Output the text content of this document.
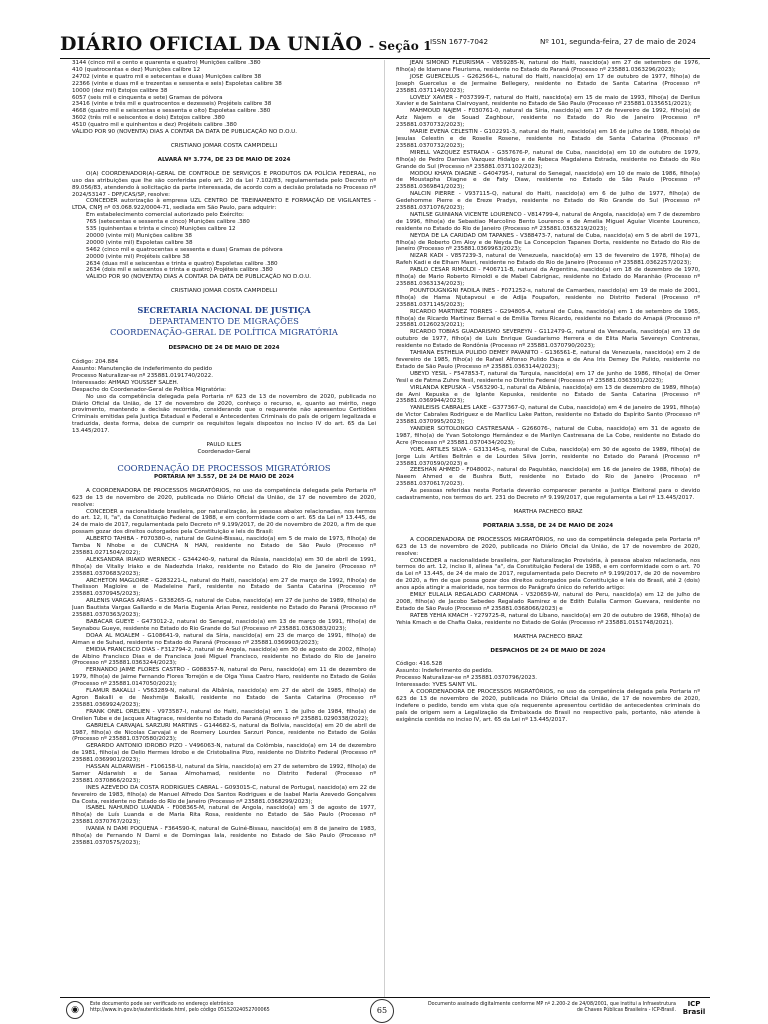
DIÁRIO OFICIAL DA UNIÃO - Seção 1
ISSN 1677-7042	Nº 101, segunda-feira, 27 de maio de 2024

3144 (cinco mil e cento e quarenta e quatro) Munições calibre .380

410 (quatrocentas e dez) Munições calibre 12

24702 (vinte e quatro mil e setecentas e duas) Munições calibre 38

22366 (vinte e duas mil e trezentas e sessenta e seis) Espoletas calibre 38

10000 (dez mil) Estojos calibre 38

6057 (seis mil e cinquenta e sete) Gramas de pólvora

23416 (vinte e três mil e quatrocentos e dezesseis) Projéteis calibre 38

4668 (quatro mil e seiscentas e sessenta e oito) Espoletas calibre .380

3602 (três mil e seiscentos e dois) Estojos calibre .380

4510 (quatro mil e quinhentos e dez) Projéteis calibre .380

VÁLIDO POR 90 (NOVENTA) DIAS A CONTAR DA DATA DE PUBLICAÇÃO NO D.O.U.

CRISTIANO JOMAR COSTA CAMPIDELLI

ALVARÁ Nº 3.774, DE 23 DE MAIO DE 2024

O(A) COORDENADOR(A)-GERAL DE CONTROLE DE SERVIÇOS E PRODUTOS DA POLÍCIA FEDERAL, no uso das atribuições que lhe são conferidas pelo art. 20 da Lei 7.102/83, regulamentada pelo Decreto nº 89.056/83, atendendo à solicitação da parte interessada, de acordo com a decisão prolatada no Processo nº 2024/53147 - DPF/CAS/SP, resolve:

CONCEDER autorização à empresa UZL CENTRO DE TREINAMENTO E FORMAÇÃO DE VIGILANTES - LTDA, CNPJ nº 03.068.922/0004-71, sediada em São Paulo, para adquirir:

Em estabelecimento comercial autorizado pelo Exército:

765 (setecentas e sessenta e cinco) Munições calibre .380

535 (quinhentas e trinta e cinco) Munições calibre 12

20000 (vinte mil) Munições calibre 38

20000 (vinte mil) Espoletas calibre 38

5462 (cinco mil e quatrocentas e sessenta e duas) Gramas de pólvora

20000 (vinte mil) Projéteis calibre 38

2634 (duas mil e seiscentas e trinta e quatro) Espoletas calibre .380

2634 (dois mil e seiscentos e trinta e quatro) Projéteis calibre .380

VÁLIDO POR 90 (NOVENTA) DIAS A CONTAR DA DATA DE PUBLICAÇÃO NO D.O.U.

CRISTIANO JOMAR COSTA CAMPIDELLI

SECRETARIA NACIONAL DE JUSTIÇA

DEPARTAMENTO DE MIGRAÇÕES

COORDENAÇÃO-GERAL DE POLÍTICA MIGRATÓRIA

DESPACHO DE 24 DE MAIO DE 2024

Código: 204.884

Assunto: Manutenção de indeferimento do pedido

Processo Naturalizar-se nº 235881.0191740/2022.

Interessado: AHMAD YOUSSEF SALEH.

Despacho do Coordenador-Geral de Política Migratória:

No uso da competência delegada pela Portaria nº 623 de 13 de novembro de 2020, publicada no Diário Oficial da União, de 17 de novembro de 2020, conheço o recurso, e, quanto ao mérito, nego provimento, mantendo a decisão recorrida, considerando que o requerente não apresentou Certidões Criminais emitidas pela Justiça Estadual e Federal e Antecedentes Criminais do país de origem legalizada e traduzida, desta forma, deixa de cumprir os requisitos legais dispostos no inciso IV do art. 65 da Lei 13.445/2017.

PAULO ILLES

Coordenador-Geral

COORDENAÇÃO DE PROCESSOS MIGRATÓRIOS

PORTARIA Nº 3.557, DE 24 DE MAIO DE 2024

A COORDENADORA DE PROCESSOS MIGRATÓRIOS, no uso da competência delegada pela Portaria nº 623 de 13 de novembro de 2020, publicada no Diário Oficial da União, de 17 de novembro de 2020, resolve:

CONCEDER a nacionalidade brasileira, por naturalização, às pessoas abaixo relacionadas, nos termos do art. 12, II, "a", da Constituição Federal de 1988, e em conformidade com o art. 65 da Lei nº 13.445, de 24 de maio de 2017, regulamentada pelo Decreto nº 9.199/2017, de 20 de novembro de 2020, a fim de que possam gozar dos direitos outorgados pela Constituição e leis do Brasil:

ALBERTO TAHIBA - F070380-o, natural de Guiné-Bissau, nascido(a) em 5 de maio de 1973, filho(a) de Tamba N Nhobe e de CUNCHA N HAN, residente no Estado de São Paulo (Processo nº 235881.0271504/2022);

ALEKSANDRA IRIAKO WERNECK - G344240-9, natural da Rússia, nascido(a) em 30 de abril de 1991, filho(a) de Vitaliy Iriako e de Nadezhda Iriako, residente no Estado do Rio de Janeiro (Processo nº 235881.0370683/2023);

ARCHETON MAGLOIRE - G283221-L, natural do Haiti, nascido(a) em 27 de março de 1992, filho(a) de Thelisson Magloire e de Madeleine Faril, residente no Estado de Santa Catarina (Processo nº 235881.0370945/2023);

ARLENIS VARGAS ARIAS - G338265-G, natural de Cuba, nascido(a) em 27 de junho de 1989, filho(a) de Juan Bautista Vargas Gallardo e de Maria Eugenia Arias Perez, residente no Estado do Paraná (Processo nº 235881.0370363/2023);

BABACAR GUEYE - G473012-2, natural do Senegal, nascido(a) em 13 de março de 1991, filho(a) de Seynabou Gueye, residente no Estado do Rio Grande do Sul (Processo nº 235881.0363083/2023);

DOAA AL MOALEM - G108641-9, natural da Síria, nascido(a) em 23 de março de 1991, filho(a) de Aiman e de Suhad, residente no Estado do Paraná (Processo nº 235881.0369903/2023);

EMIDIA FRANCISCO DIAS - F312794-2, natural de Angola, nascido(a) em 30 de agosto de 2002, filho(a) de Albino Francisco Dias e de Francisca José Miguel Francisco, residente no Estado do Rio de Janeiro (Processo nº 235881.0363244/2023);

FERNANDO JAIME FLORES CASTRO - G088357-N, natural do Peru, nascido(a) em 11 de dezembro de 1979, filho(a) de Jaime Fernando Flores Torrejón e de Olga Yissa Castro Haro, residente no Estado de Goiás (Processo nº 235881.0147050/2021);

FLAMUR BAKALLI - V563289-N, natural da Albânia, nascido(a) em 27 de abril de 1985, filho(a) de Agron Bakalli e de Nexhmije Bakalli, residente no Estado de Santa Catarina (Processo nº 235881.0369924/2023);

FRANK ONEL ORELIEN - V973587-I, natural do Haiti, nascido(a) em 1 de julho de 1984, filho(a) de Orelien Tube e de Jacques Altagrace, residente no Estado do Paraná (Processo nº 235881.0290338/2022);

GABRIELA CARVAJAL SARZURI MARTINS - G144682-S, natural da Bolívia, nascido(a) em 20 de abril de 1987, filho(a) de Nicolas Carvajal e de Rosmery Lourdes Sarzuri Ponce, residente no Estado de Goiás (Processo nº 235881.0370580/2023);

GERARDO ANTONIO IDROBO PIZO - V496063-N, natural da Colômbia, nascido(a) em 14 de dezembro de 1981, filho(a) de Delio Hermes Idrobo e de Cristobalina Pizo, residente no Distrito Federal (Processo nº 235881.0369901/2023);

HASSAN ALDARWISH - F106158-U, natural da Síria, nascido(a) em 27 de setembro de 1992, filho(a) de Samer Aldarwish e de Sanaa Almohamad, residente no Distrito Federal (Processo nº 235881.0370866/2023);

INES AZEVEDO DA COSTA RODRIGUES CABRAL - G093015-C, natural de Portugal, nascido(a) em 22 de fevereiro de 1983, filho(a) de Manuel Alfredo Dos Santos Rodrigues e de Isabel Maria Azevedo Gonçalves Da Costa, residente no Estado do Rio de Janeiro (Processo nº 235881.0368299/2023);

ISABEL NAHUNDO LUANDA - F008365-M, natural de Angola, nascido(a) em 3 de agosto de 1977, filho(a) de Luís Luanda e de Maria Rita Rosa, residente no Estado de São Paulo (Processo nº 235881.0370767/2023);

IVANIA N DAMI POQUENA - F364590-K, natural de Guiné-Bissau, nascido(a) em 8 de janeiro de 1983, filho(a) de Fernando N Dami e de Domingas Iala, residente no Estado de São Paulo (Processo nº 235881.0370575/2023);

JEAN SIMOND FLEURISMA - V859285-N, natural do Haiti, nascido(a) em 27 de setembro de 1976, filho(a) de Idamane Fleurisma, residente no Estado do Paraná (Processo nº 235881.0363296/2023);

JOSE GUERCELUS - G262566-L, natural do Haiti, nascido(a) em 17 de outubro de 1977, filho(a) de Joseph Guercelus e de Jermaine Bellegery, residente no Estado de Santa Catarina (Processo nº 235881.0371140/2023);

LOVELY XAVIER - F037399-T, natural do Haiti, nascido(a) em 15 de maio de 1993, filho(a) de Derilus Xavier e de Saintana Clairvoyant, residente no Estado de São Paulo (Processo nº 235881.0135651/2021);

MAHMOUD NAJEM - F030761-0, natural da Síria, nascido(a) em 17 de fevereiro de 1992, filho(a) de Aziz Najem e de Souad Zaghbour, residente no Estado do Rio de Janeiro (Processo nº 235881.0370732/2023);

MARIE EVENA CELESTIN - G102291-3, natural do Haiti, nascido(a) em 16 de julho de 1988, filho(a) de Jesulas Celestin e de Roselie Rosene, residente no Estado de Santa Catarina (Processo nº 235881.0370732/2023);

MIRELL VAZQUEZ ESTRADA - G357676-P, natural de Cuba, nascido(a) em 10 de outubro de 1979, filho(a) de Pedro Damian Vazquez Hidalgo e de Rebeca Magdalena Estrada, residente no Estado do Rio Grande do Sul (Processo nº 235881.0371102/2023);

MODOU KHAYA DIAGNE - G404795-I, natural do Senegal, nascido(a) em 10 de maio de 1986, filho(a) de Moustapha Diagne e de Faty Diaw, residente no Estado de São Paulo (Processo nº 235881.0369841/2023);

NALCIN PIERRE - V937115-Q, natural do Haiti, nascido(a) em 6 de julho de 1977, filho(a) de Gedehomme Pierre e de Ereze Pradys, residente no Estado do Rio Grande do Sul (Processo nº 235881.0371076/2023);

NATILSE GUINIANA VICENTE LOURENCO - V814799-4, natural de Angola, nascido(a) em 7 de dezembro de 1996, filho(a) de Sebastiao Marcolino Bento Lourenco e de Amelia Miguel Aguiar Vicente Lourenco, residente no Estado do Rio de Janeiro (Processo nº 235881.0363219/2023);

NEYDA DE LA CARIDAD OM TAPANES - V388473-7, natural de Cuba, nascido(a) em 5 de abril de 1971, filho(a) de Roberto Om Aloy e de Neyda De La Concepcion Tapanes Dorta, residente no Estado do Rio de Janeiro (Processo nº 235881.0369963/2023);

NIZAR KADI - V857239-3, natural de Venezuela, nascido(a) em 13 de fevereiro de 1978, filho(a) de Rafeh Kadi e de Elham Masri, residente no Estado do Rio de Janeiro (Processo nº 235881.0362257/2023);

PABLO CESAR RIMOLDI - F406711-B, natural da Argentina, nascido(a) em 18 de dezembro de 1970, filho(a) de Mario Roberto Rimoldi e de Mabel Cabrignac, residente no Estado do Maranhão (Processo nº 235881.0363134/2023);

POUNTOUGNIGNI FADILA INES - F071252-s, natural de Camarões, nascido(a) em 19 de maio de 2001, filho(a) de Hama Njutapvoui e de Adija Foupafon, residente no Distrito Federal (Processo nº 235881.0371145/2023);

RICARDO MARTINEZ TORRES - G294805-A, natural de Cuba, nascido(a) em 1 de setembro de 1965, filho(a) de Ricardo Martinez Bernal e de Emilia Torres Ricardo, residente no Estado do Amapá (Processo nº 235881.0126023/2021);

RICARDO TOBIAS GUADARISMO SEVEREYN - G112479-G, natural da Venezuela, nascido(a) em 13 de outubro de 1977, filho(a) de Luis Enrique Guadarismo Herrera e de Elita Maria Severeyn Contreras, residente no Estado de Rondônia (Processo nº 235881.0370790/2023);

TAHIANA ESTHELIA PULIDO DEMEY PAVANITO - G136561-E, natural da Venezuela, nascido(a) em 2 de fevereiro de 1985, filho(a) de Rafael Alfonso Pulido Daza e de Ana Iris Demey De Pulido, residente no Estado de São Paulo (Processo nº 235881.0363144/2023);

UBEYD YESIL - F547853-T, natural da Turquia, nascido(a) em 17 de junho de 1986, filho(a) de Omer Yesil e de Fatma Zuhre Yesil, residente no Distrito Federal (Processo nº 235881.0363301/2023);

VIRLANDA KEPUSKA - V563290-1, natural da Albânia, nascido(a) em 13 de dezembro de 1989, filho(a) de Avni Kepuska e de Iglante Kepuska, residente no Estado de Santa Catarina (Processo nº 235881.0369944/2023);

YANILEISIS CABRALES LAKE - G377367-Q, natural de Cuba, nascido(a) em 4 de janeiro de 1991, filho(a) de Victor Cabrales Rodriguez e de Marilicu Lake Patton, residente no Estado do Espírito Santo (Processo nº 235881.0370995/2023);

YANDIER SOTOLONGO CASTRESANA - G266076-, natural de Cuba, nascido(a) em 31 de agosto de 1987, filho(a) de Yvan Sotolongo Hernández e de Marilyn Castresana de La Cobe, residente no Estado do Acre (Processo nº 235881.0370434/2023);

YOEL ARTILES SILVA - G313145-q, natural de Cuba, nascido(a) em 30 de agosto de 1989, filho(a) de Jorge Luis Artiles Beltrán e de Lourdes Silva Jorrin, residente no Estado do Paraná (Processo nº 235881.0370590/2023) e

ZEESHAN AHMED - F048002-, natural do Paquistão, nascido(a) em 16 de janeiro de 1988, filho(a) de Naeem Ahmed e de Bushra Butt, residente no Estado do Rio de Janeiro (Processo nº 235881.0370617/2023).

As pessoas referidas nesta Portaria deverão comparecer perante a Justiça Eleitoral para o devido cadastramento, nos termos do art. 231 do Decreto nº 9.199/2017, que regulamenta a Lei nº 13.445/2017.

MARTHA PACHECO BRAZ

PORTARIA 3.558, DE 24 DE MAIO DE 2024

A COORDENADORA DE PROCESSOS MIGRATÓRIOS, no uso da competência delegada pela Portaria nº 623 de 13 de novembro de 2020, publicada no Diário Oficial da União, de 17 de novembro de 2020, resolve:

CONCEDER a nacionalidade brasileira, por Naturalização Provisória, à pessoa abaixo relacionada, nos termos do art. 12, inciso II, alínea "a", da Constituição Federal de 1988, e em conformidade com o art. 70 da Lei nº 13.445, de 24 de maio de 2017, regulamentada pelo Decreto nº 9.199/2017, de 20 de novembro de 2020, a fim de que possa gozar dos direitos outorgados pela Constituição e leis do Brasil, até 2 (dois) anos após atingir a maioridade, nos termos do Parágrafo único do referido artigo:

EMILY EULALIA REGALADO CARMONA - V320659-W, natural do Peru, nascido(a) em 12 de julho de 2008, filho(a) de Jacobo Sebedeo Regalado Ramirez e de Edith Eulalia Carmon Guevara, residente no Estado de São Paulo (Processo nº 235881.0368066/2023) e

RATEB YEHIA KMACH - Y279725-R, natural do Líbano, nascido(a) em 20 de outubro de 1968, filho(a) de Yehia Kmach e de Chafia Oaka, residente no Estado de Goiás (Processo nº 235881.0151748/2021).

MARTHA PACHECO BRAZ

DESPACHOS DE 24 DE MAIO DE 2024

Código: 416.528

Assunto: Indeferimento do pedido.

Processo Naturalizar-se nº 235881.0370796/2023.

Interessado: YVES SAINT VIL.

A COORDENADORA DE PROCESSOS MIGRATÓRIOS, no uso da competência delegada pela Portaria nº 623 de 13 de novembro de 2020, publicada no Diário Oficial da União, de 17 de novembro de 2020, indefere o pedido, tendo em vista que o/a requerente apresentou certidão de antecedentes criminais do país de origem sem a Legalização da Embaixada do Brasil no respectivo país, portanto, não atende à exigência contida no inciso IV, art. 65 da Lei nº 13.445/2017.

◉
Este documento pode ser verificado no endereço eletrônico http://www.in.gov.br/autenticidade.html, pelo código 05152024052700065	65
Documento assinado digitalmente conforme MP nº 2.200-2 de 24/08/2001, que institui a Infraestrutura de Chaves Públicas Brasileira - ICP-Brasil.
ICP Brasil
